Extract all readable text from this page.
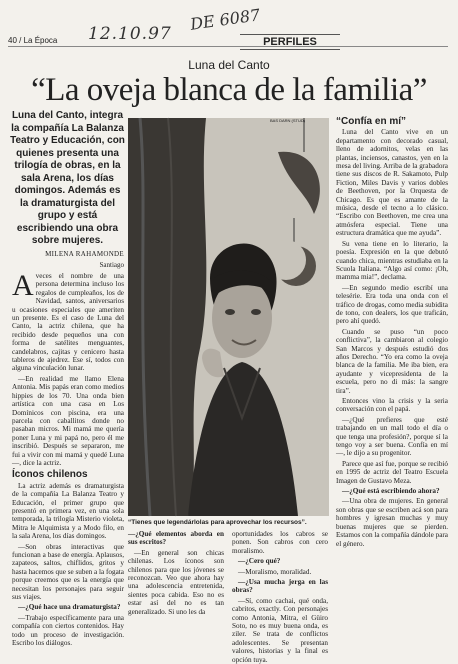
40 / La Época 12.10.97
DE 6087
PERFILES
Luna del Canto
“La oveja blanca de la familia”
Luna del Canto, integra la compañía La Balanza Teatro y Educación, con quienes presenta una trilogía de obras, en la sala Arena, los días domingos. Además es la dramaturgista del grupo y está escribiendo una obra sobre mujeres.
MILENA RAHAMONDE
Santiago

Aveces el nombre de una persona determina incluso los regalos de cumpleaños, los de Navidad, santos, aniversarios u ocasiones especiales que ameriten un presente. Es el caso de Luna del Canto, la actriz chilena, que ha recibido desde pequeños una con forma de satélites menguantes, candelabros, cajitas y cenicero hasta tableros de ajedrez. Ese sí, todos con alguna vinculación lunar.

—En realidad me llamo Elena Antonia. Mis papás eran como medios hippies de los 70. Una onda bien artística con una casa en Los Domínicos con piscina, era una parcela con caballitos donde no pasaban micros. Mi mamá me quería poner Luna y mi papá no, pero él me inscribió. Después se separaron, me fui a vivir con mi mamá y quedé Luna—, dice la actriz.

Íconos chilenos

La actriz además es dramaturgista de la compañía La Balanza Teatro y Educación, el primer grupo que presentó en primera vez, en una sola temporada, la trilogía Misterio violeta, Mitra le Alquimista y a Modo filo, en la sala Arena, los días domingos.

—Son obras interactivas que funcionan a base de energía. Aplausos, zapateos, saltos, chiflidos, gritos y hasta hacemos que se suben a la fogata porque creemos que es la energía que necesitan los personajes para seguir sus viajes.

—¿Qué hace una dramaturgista?

—Trabajo específicamente para una compañía con ciertos contenidos. Hay todo un proceso de investigación. Escribo los diálogos.

BAS DARN (STUD)
“Tienes que legendárlolas para aprovechar los recursos”.

—¿Qué elementos aborda en sus escritos?

—En general son chicas chilenas. Los íconos son chilenos para que los jóvenes se reconozcan. Veo que ahora hay una adolescencia entretenida, sientes poca cabida. Eso no es estar así del no es tan generalizado. Si uno les da

oportunidades los cabros se ponen. Son cabros con cero moralismo.

—¿Cero qué?

—Moralismo, moralidad.

—¿Usa mucha jerga en las obras?

—Sí, como cachai, qué onda, cabritos, exactly. Con personajes como Antonia, Mitra, el Güiro Soto, no es muy buena onda, es ziler. Se trata de conflictos adolescentes. Se presentan valores, historias y la final es opción tuya.

“Confía en mí”

Luna del Canto vive en un departamento con decorado casual, lleno de adornitos, velas en las plantas, inciensos, canastos, yen en la mesa del living. Arriba de la grabadora tiene sus discos de R. Sakamoto, Pulp Fiction, Miles Davis y varios dobles de Beethoven, por la Orquesta de Chicago. Es que es amante de la música, desde el tecno a lo clásico. “Escribo con Beethoven, me crea una atmósfera especial. Tiene una estructura dramática que me ayuda”.

Su vena tiene en lo literario, la poesía. Expresión en la que debutó cuando chica, mientras estudiaba en la Scuola Italiana. “Algo así como: ¡Oh, mamma mia!”, declama.

—En segundo medio escribí una telesérie. Era toda una onda con el tráfico de drogas, como media subidita de tono, con dealers, los que traficán, pero ahí quedó.

Cuando se puso “un poco conflictiva”, la cambiaron al colegio San Marcos y después estudió dos años Derecho. “Yo era como la oveja blanca de la familia. Me iba bien, era ayudante y vicepresidenta de la escuela, pero no di más: la sangre tira”.

Entonces vino la crisis y la seria conversación con el papá.

—¿Qué prefieres que esté trabajando en un mall todo el día o que tenga una profesión?, porque sí la tengo voy a ser buena. Confía en mí—, le dijo a su progenitor.

Parece que así fue, porque se recibió en 1995 de actriz del Teatro Escuela Imagen de Gustavo Meza.

—¿Qué está escribiendo ahora?

—Una obra de mujeres. En general son obras que se escriben acá son para hombres y igresan muchas y muy buenas mujeres que se pierden. Estamos con la compañía dándole para el género.
